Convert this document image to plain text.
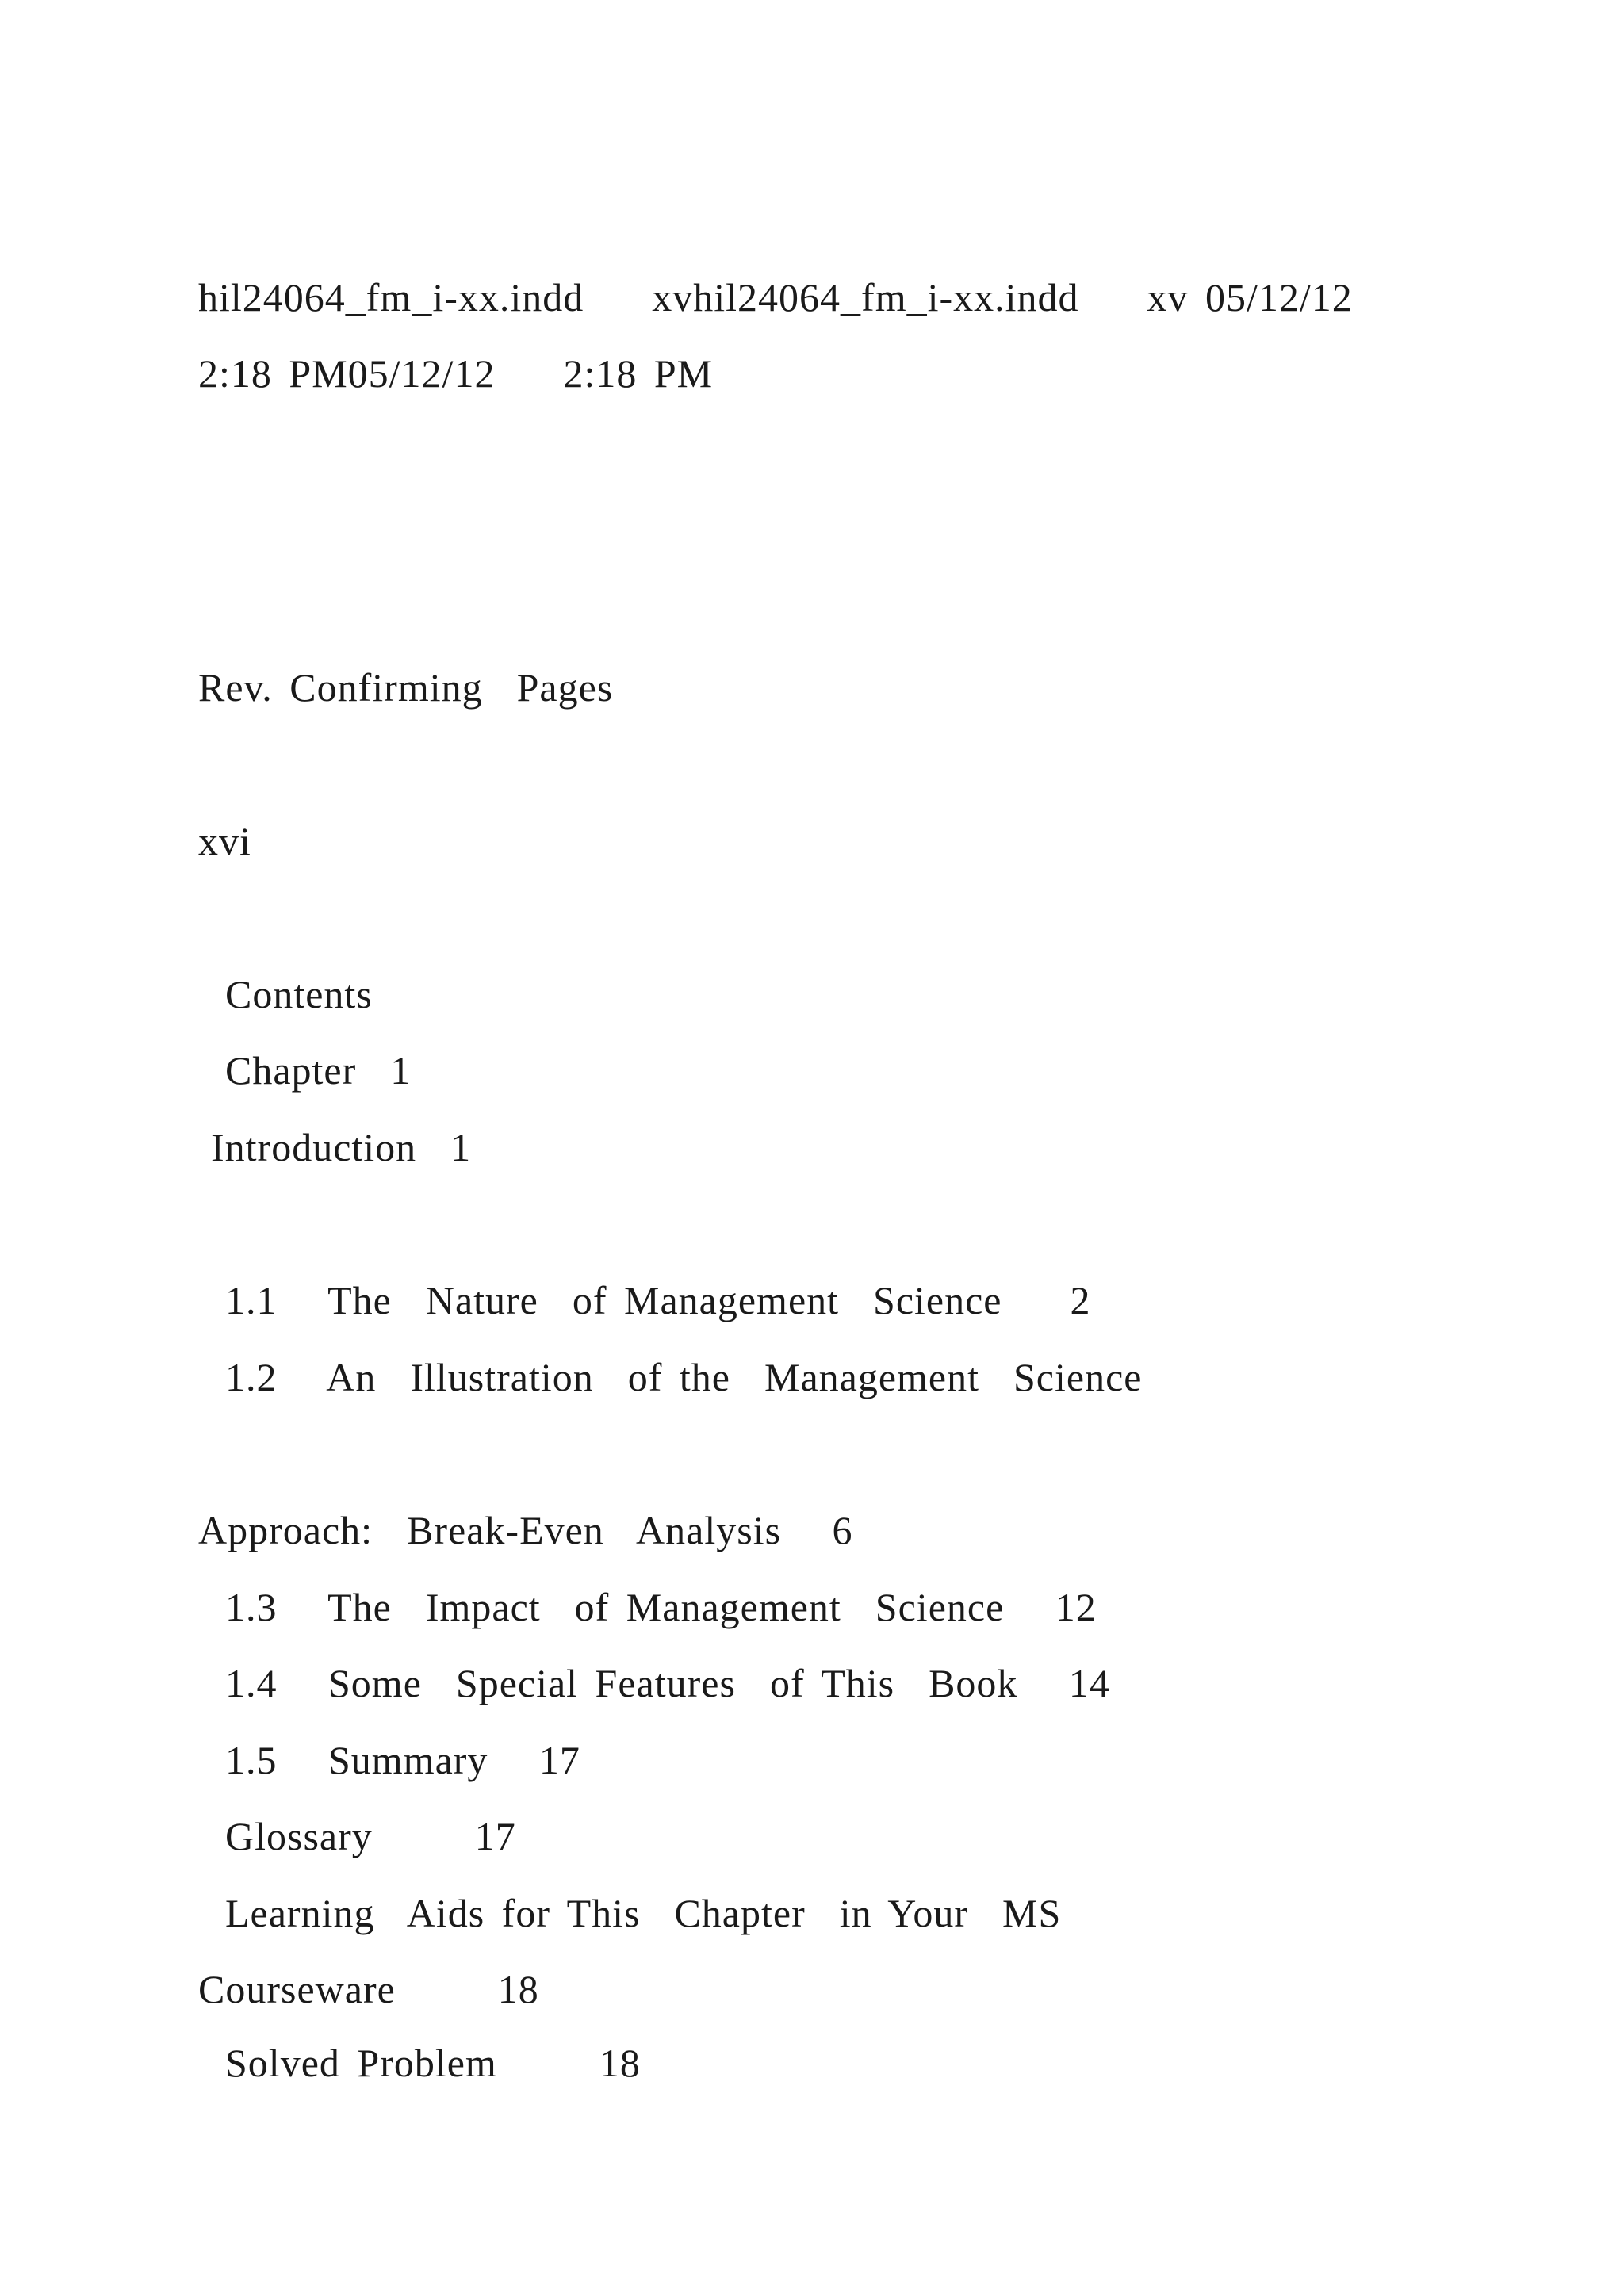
hil24064_fm_i-xx.indd    xvhil24064_fm_i-xx.indd    xv 05/12/12
2:18 PM05/12/12    2:18 PM
Rev. Confirming  Pages
xvi
Contents
Chapter  1
Introduction  1
1.1   The  Nature  of Management  Science    2
1.2   An  Illustration  of the  Management  Science
Approach:  Break-Even  Analysis   6
1.3   The  Impact  of Management  Science   12
1.4   Some  Special Features  of This  Book   14
1.5   Summary   17
Glossary      17
Learning  Aids for This  Chapter  in Your  MS
Courseware      18
Solved Problem      18
